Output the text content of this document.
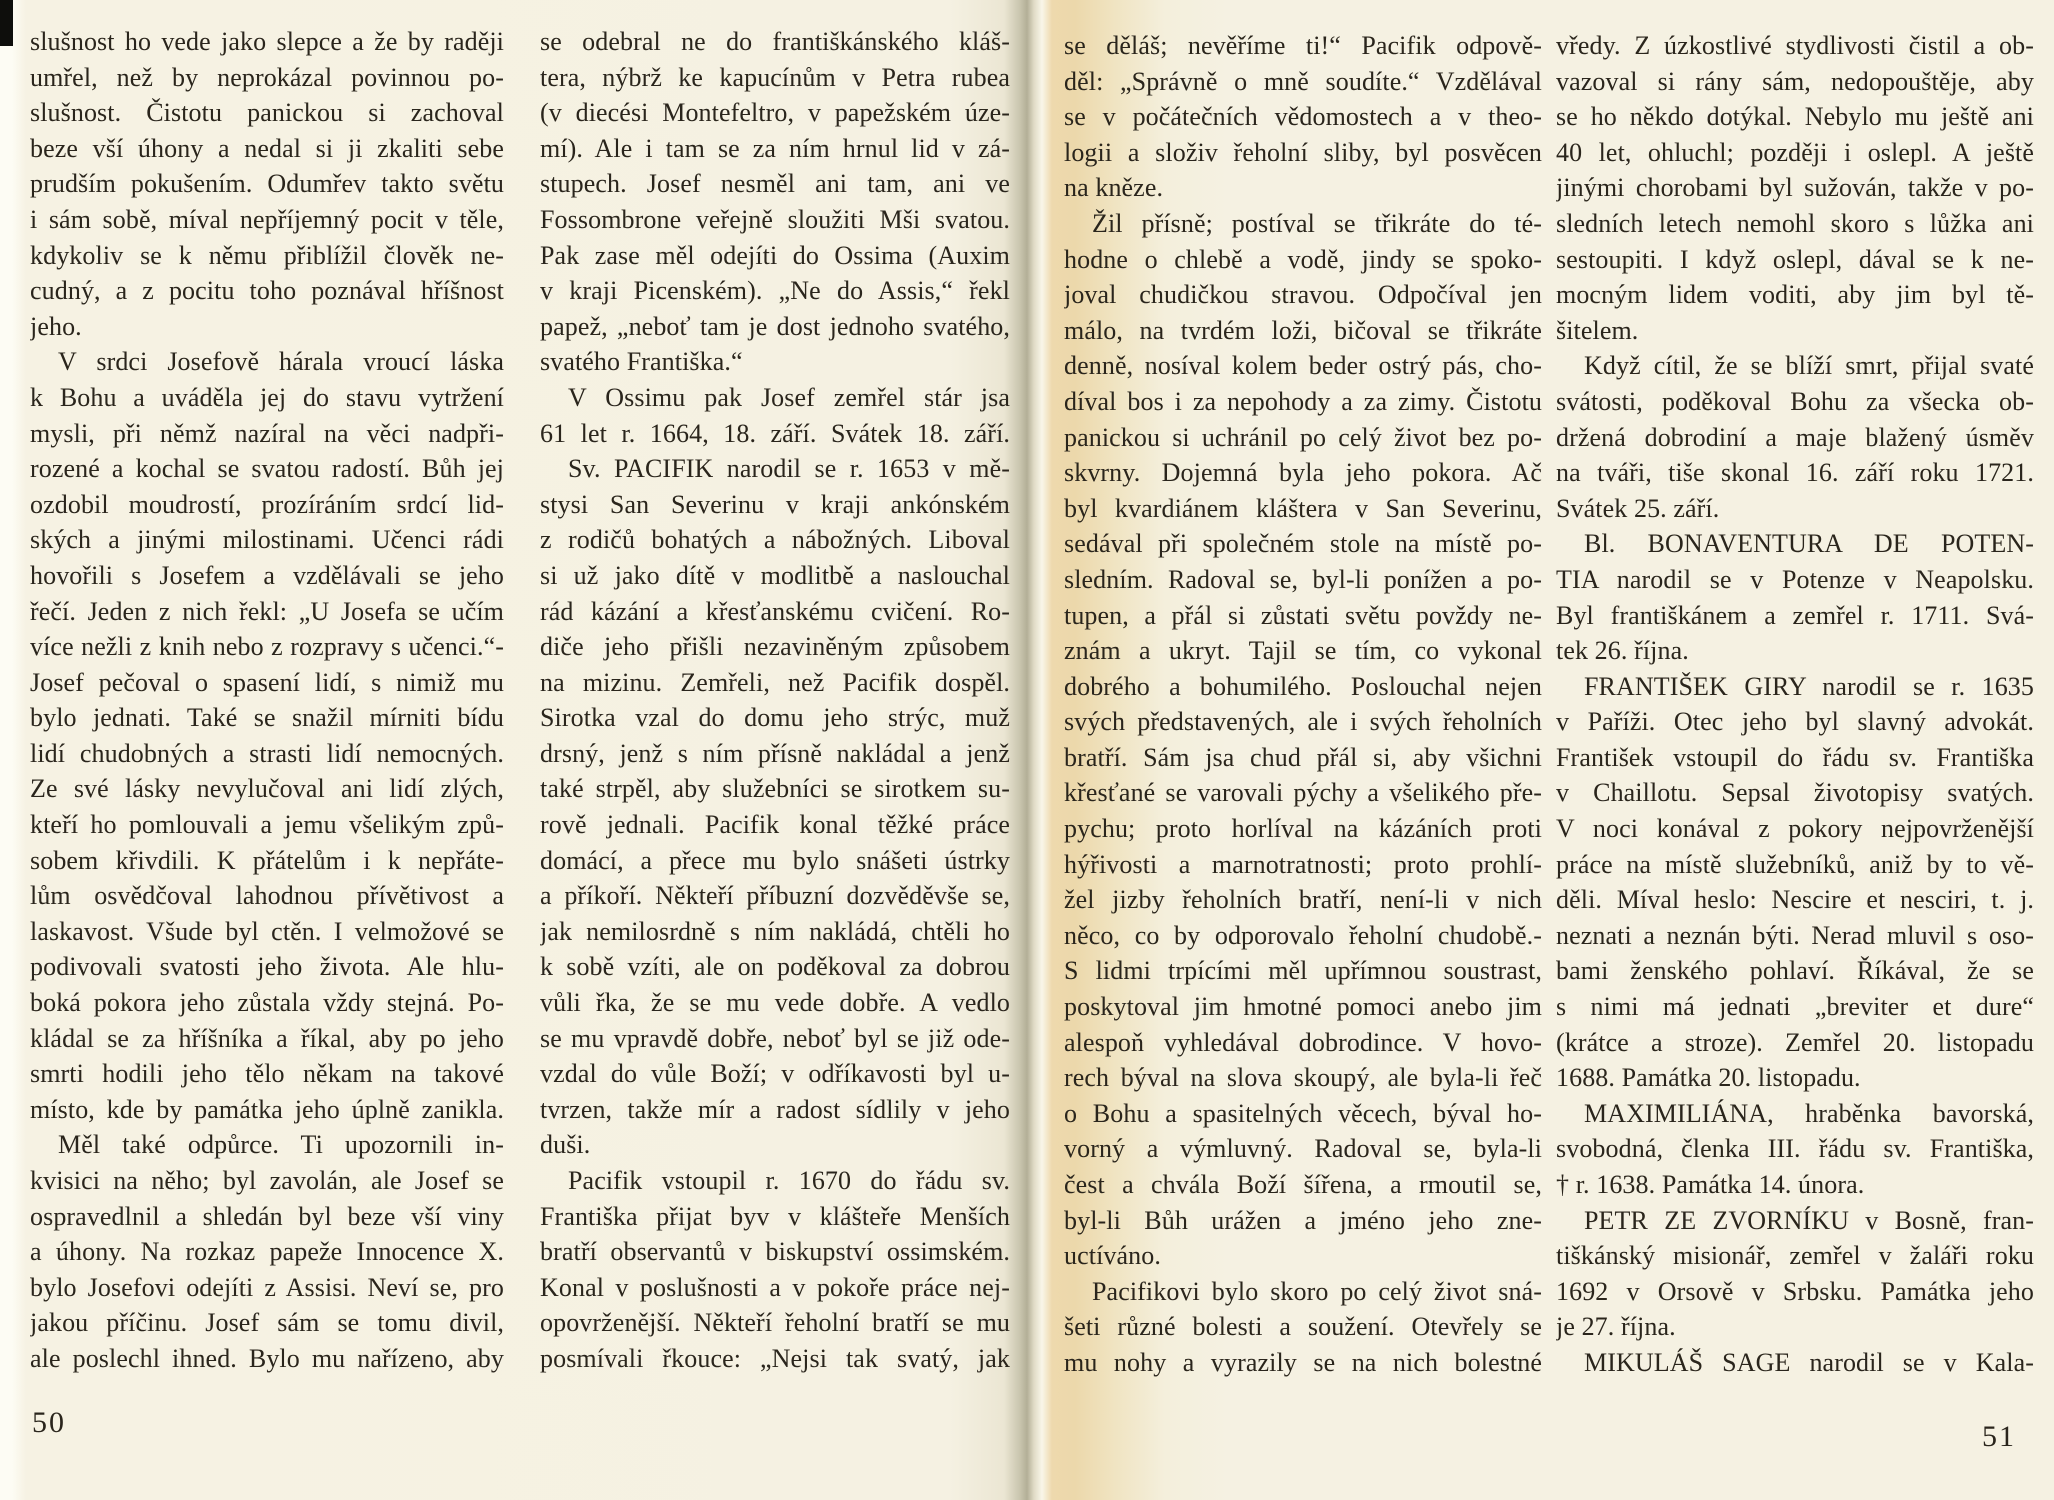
slušnost ho vede jako slepce a že by raději
umřel, než by neprokázal povinnou po-
slušnost. Čistotu panickou si zachoval
beze vší úhony a nedal si ji zkaliti sebe
prudším pokušením. Odumřev takto světu
i sám sobě, míval nepříjemný pocit v těle,
kdykoliv se k němu přiblížil člověk ne-
cudný, a z pocitu toho poznával hříšnost
jeho.
V srdci Josefově hárala vroucí láska
k Bohu a uváděla jej do stavu vytržení
mysli, při němž nazíral na věci nadpři-
rozené a kochal se svatou radostí. Bůh jej
ozdobil moudrostí, prozíráním srdcí lid-
ských a jinými milostinami. Učenci rádi
hovořili s Josefem a vzdělávali se jeho
řečí. Jeden z nich řekl: „U Josefa se učím
více nežli z knih nebo z rozpravy s učenci.“-
Josef pečoval o spasení lidí, s nimiž mu
bylo jednati. Také se snažil mírniti bídu
lidí chudobných a strasti lidí nemocných.
Ze své lásky nevylučoval ani lidí zlých,
kteří ho pomlouvali a jemu všelikým způ-
sobem křivdili. K přátelům i k nepřáte-
lům osvědčoval lahodnou přívětivost a
laskavost. Všude byl ctěn. I velmožové se
podivovali svatosti jeho života. Ale hlu-
boká pokora jeho zůstala vždy stejná. Po-
kládal se za hříšníka a říkal, aby po jeho
smrti hodili jeho tělo někam na takové
místo, kde by památka jeho úplně zanikla.
Měl také odpůrce. Ti upozornili in-
kvisici na něho; byl zavolán, ale Josef se
ospravedlnil a shledán byl beze vší viny
a úhony. Na rozkaz papeže Innocence X.
bylo Josefovi odejíti z Assisi. Neví se, pro
jakou příčinu. Josef sám se tomu divil,
ale poslechl ihned. Bylo mu nařízeno, aby
se odebral ne do františkánského kláš-
tera, nýbrž ke kapucínům v Petra rubea
(v diecési Montefeltro, v papežském úze-
mí). Ale i tam se za ním hrnul lid v zá-
stupech. Josef nesměl ani tam, ani ve
Fossombrone veřejně sloužiti Mši svatou.
Pak zase měl odejíti do Ossima (Auxim
v kraji Picenském). „Ne do Assis,“ řekl
papež, „neboť tam je dost jednoho svatého,
svatého Františka.“
V Ossimu pak Josef zemřel stár jsa
61 let r. 1664, 18. září. Svátek 18. září.
Sv. PACIFIK narodil se r. 1653 v mě-
stysi San Severinu v kraji ankónském
z rodičů bohatých a nábožných. Liboval
si už jako dítě v modlitbě a naslouchal
rád kázání a křesťanskému cvičení. Ro-
diče jeho přišli nezaviněným způsobem
na mizinu. Zemřeli, než Pacifik dospěl.
Sirotka vzal do domu jeho strýc, muž
drsný, jenž s ním přísně nakládal a jenž
také strpěl, aby služebníci se sirotkem su-
rově jednali. Pacifik konal těžké práce
domácí, a přece mu bylo snášeti ústrky
a příkoří. Někteří příbuzní dozvěděvše se,
jak nemilosrdně s ním nakládá, chtěli ho
k sobě vzíti, ale on poděkoval za dobrou
vůli řka, že se mu vede dobře. A vedlo
se mu vpravdě dobře, neboť byl se již ode-
vzdal do vůle Boží; v odříkavosti byl u-
tvrzen, takže mír a radost sídlily v jeho
duši.
Pacifik vstoupil r. 1670 do řádu sv.
Františka přijat byv v klášteře Menších
bratří observantů v biskupství ossimském.
Konal v poslušnosti a v pokoře práce nej-
opovrženější. Někteří řeholní bratří se mu
posmívali řkouce: „Nejsi tak svatý, jak
50
se děláš; nevěříme ti!“ Pacifik odpově-
děl: „Správně o mně soudíte.“ Vzdělával
se v počátečních vědomostech a v theo-
logii a složiv řeholní sliby, byl posvěcen
na kněze.
Žil přísně; postíval se třikráte do té-
hodne o chlebě a vodě, jindy se spoko-
joval chudičkou stravou. Odpočíval jen
málo, na tvrdém loži, bičoval se třikráte
denně, nosíval kolem beder ostrý pás, cho-
díval bos i za nepohody a za zimy. Čistotu
panickou si uchránil po celý život bez po-
skvrny. Dojemná byla jeho pokora. Ač
byl kvardiánem kláštera v San Severinu,
sedával při společném stole na místě po-
sledním. Radoval se, byl-li ponížen a po-
tupen, a přál si zůstati světu povždy ne-
znám a ukryt. Tajil se tím, co vykonal
dobrého a bohumilého. Poslouchal nejen
svých představených, ale i svých řeholních
bratří. Sám jsa chud přál si, aby všichni
křesťané se varovali pýchy a všelikého pře-
pychu; proto horlíval na kázáních proti
hýřivosti a marnotratnosti; proto prohlí-
žel jizby řeholních bratří, není-li v nich
něco, co by odporovalo řeholní chudobě.-
S lidmi trpícími měl upřímnou soustrast,
poskytoval jim hmotné pomoci anebo jim
alespoň vyhledával dobrodince. V hovo-
rech býval na slova skoupý, ale byla-li řeč
o Bohu a spasitelných věcech, býval ho-
vorný a výmluvný. Radoval se, byla-li
čest a chvála Boží šířena, a rmoutil se,
byl-li Bůh urážen a jméno jeho zne-
uctíváno.
Pacifikovi bylo skoro po celý život sná-
šeti různé bolesti a soužení. Otevřely se
mu nohy a vyrazily se na nich bolestné
vředy. Z úzkostlivé stydlivosti čistil a ob-
vazoval si rány sám, nedopouštěje, aby
se ho někdo dotýkal. Nebylo mu ještě ani
40 let, ohluchl; později i oslepl. A ještě
jinými chorobami byl sužován, takže v po-
sledních letech nemohl skoro s lůžka ani
sestoupiti. I když oslepl, dával se k ne-
mocným lidem voditi, aby jim byl tě-
šitelem.
Když cítil, že se blíží smrt, přijal svaté
svátosti, poděkoval Bohu za všecka ob-
držená dobrodiní a maje blažený úsměv
na tváři, tiše skonal 16. září roku 1721.
Svátek 25. září.
Bl. BONAVENTURA DE POTEN-
TIA narodil se v Potenze v Neapolsku.
Byl františkánem a zemřel r. 1711. Svá-
tek 26. října.
FRANTIŠEK GIRY narodil se r. 1635
v Paříži. Otec jeho byl slavný advokát.
František vstoupil do řádu sv. Františka
v Chaillotu. Sepsal životopisy svatých.
V noci konával z pokory nejpovrženější
práce na místě služebníků, aniž by to vě-
děli. Míval heslo: Nescire et nesciri, t. j.
neznati a neznán býti. Nerad mluvil s oso-
bami ženského pohlaví. Říkával, že se
s nimi má jednati „breviter et dure“
(krátce a stroze). Zemřel 20. listopadu
1688. Památka 20. listopadu.
MAXIMILIÁNA, hraběnka bavorská,
svobodná, členka III. řádu sv. Františka,
† r. 1638. Památka 14. února.
PETR ZE ZVORNÍKU v Bosně, fran-
tiškánský misionář, zemřel v žaláři roku
1692 v Orsově v Srbsku. Památka jeho
je 27. října.
MIKULÁŠ SAGE narodil se v Kala-
51
